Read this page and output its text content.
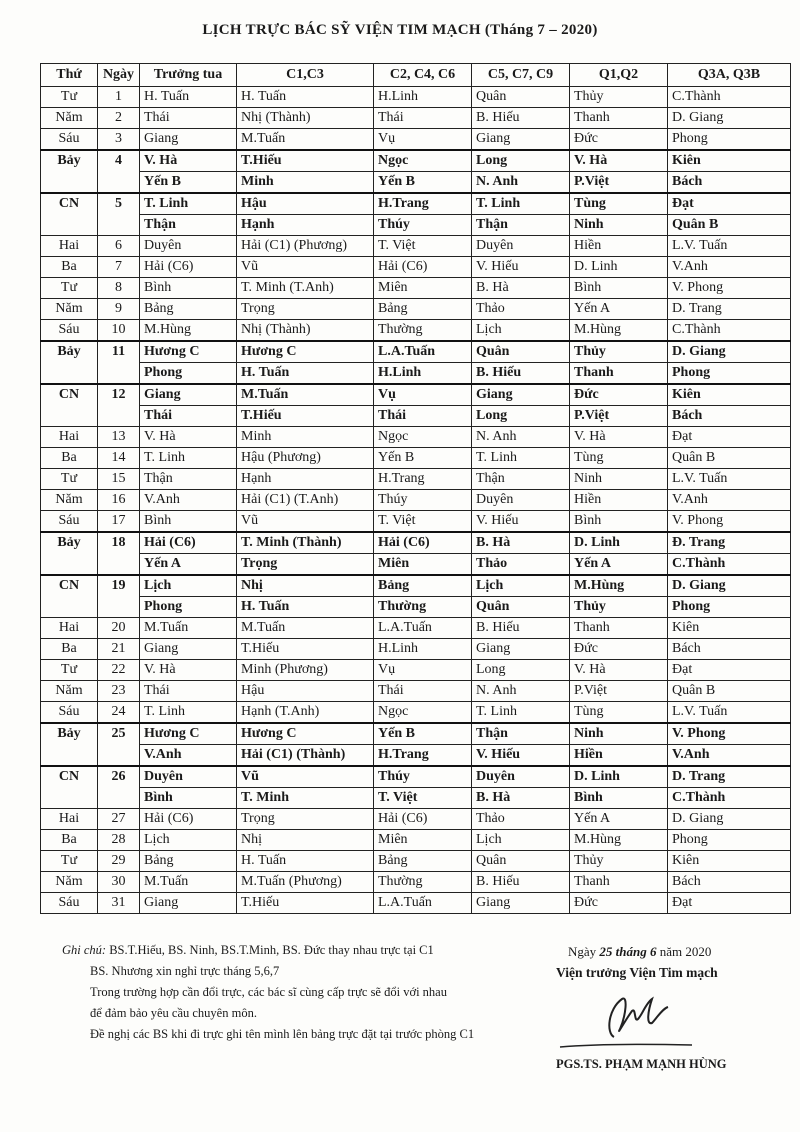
LỊCH TRỰC BÁC SỸ VIỆN TIM MẠCH (Tháng 7 – 2020)
Thứ	Ngày	Trưởng tua	C1,C3	C2, C4, C6	C5, C7, C9	Q1,Q2	Q3A, Q3B
Tư	1	H. Tuấn	H. Tuấn	H.Linh	Quân	Thủy	C.Thành
Năm	2	Thái	Nhị (Thành)	Thái	B. Hiếu	Thanh	D. Giang
Sáu	3	Giang	M.Tuấn	Vụ	Giang	Đức	Phong
Bảy	4	V. Hà	T.Hiếu	Ngọc	Long	V. Hà	Kiên
		Yến B	Minh	Yến B	N. Anh	P.Việt	Bách
CN	5	T. Linh	Hậu	H.Trang	T. Linh	Tùng	Đạt
		Thận	Hạnh	Thúy	Thận	Ninh	Quân B
Hai	6	Duyên	Hải (C1) (Phương)	T. Việt	Duyên	Hiền	L.V. Tuấn
Ba	7	Hải (C6)	Vũ	Hải (C6)	V. Hiếu	D. Linh	V.Anh
Tư	8	Bình	T. Minh (T.Anh)	Miên	B. Hà	Bình	V. Phong
Năm	9	Bảng	Trọng	Bảng	Thảo	Yến A	D. Trang
Sáu	10	M.Hùng	Nhị (Thành)	Thường	Lịch	M.Hùng	C.Thành
Bảy	11	Hương C	Hương C	L.A.Tuấn	Quân	Thủy	D. Giang
		Phong	H. Tuấn	H.Linh	B. Hiếu	Thanh	Phong
CN	12	Giang	M.Tuấn	Vụ	Giang	Đức	Kiên
		Thái	T.Hiếu	Thái	Long	P.Việt	Bách
Hai	13	V. Hà	Minh	Ngọc	N. Anh	V. Hà	Đạt
Ba	14	T. Linh	Hậu (Phương)	Yến B	T. Linh	Tùng	Quân B
Tư	15	Thận	Hạnh	H.Trang	Thận	Ninh	L.V. Tuấn
Năm	16	V.Anh	Hải (C1) (T.Anh)	Thúy	Duyên	Hiền	V.Anh
Sáu	17	Bình	Vũ	T. Việt	V. Hiếu	Bình	V. Phong
Bảy	18	Hải (C6)	T. Minh (Thành)	Hải (C6)	B. Hà	D. Linh	Đ. Trang
		Yến A	Trọng	Miên	Thảo	Yến A	C.Thành
CN	19	Lịch	Nhị	Bảng	Lịch	M.Hùng	D. Giang
		Phong	H. Tuấn	Thường	Quân	Thủy	Phong
Hai	20	M.Tuấn	M.Tuấn	L.A.Tuấn	B. Hiếu	Thanh	Kiên
Ba	21	Giang	T.Hiếu	H.Linh	Giang	Đức	Bách
Tư	22	V. Hà	Minh (Phương)	Vụ	Long	V. Hà	Đạt
Năm	23	Thái	Hậu	Thái	N. Anh	P.Việt	Quân B
Sáu	24	T. Linh	Hạnh (T.Anh)	Ngọc	T. Linh	Tùng	L.V. Tuấn
Bảy	25	Hương C	Hương C	Yến B	Thận	Ninh	V. Phong
		V.Anh	Hải (C1) (Thành)	H.Trang	V. Hiếu	Hiền	V.Anh
CN	26	Duyên	Vũ	Thúy	Duyên	D. Linh	D. Trang
		Bình	T. Minh	T. Việt	B. Hà	Bình	C.Thành
Hai	27	Hải (C6)	Trọng	Hải (C6)	Thảo	Yến A	D. Giang
Ba	28	Lịch	Nhị	Miên	Lịch	M.Hùng	Phong
Tư	29	Bảng	H. Tuấn	Bảng	Quân	Thủy	Kiên
Năm	30	M.Tuấn	M.Tuấn (Phương)	Thường	B. Hiếu	Thanh	Bách
Sáu	31	Giang	T.Hiếu	L.A.Tuấn	Giang	Đức	Đạt
Ghi chú: BS.T.Hiếu, BS. Ninh, BS.T.Minh, BS. Đức thay nhau trực tại C1
BS. Nhương xin nghỉ trực tháng 5,6,7
Trong trường hợp cần đổi trực, các bác sĩ cùng cấp trực sẽ đổi với nhau
để đảm bảo yêu cầu chuyên môn.
Đề nghị các BS khi đi trực ghi tên mình lên bảng trực đặt tại trước phòng C1
Ngày 25 tháng 6 năm 2020
Viện trưởng Viện Tim mạch
PGS.TS. PHẠM MẠNH HÙNG
